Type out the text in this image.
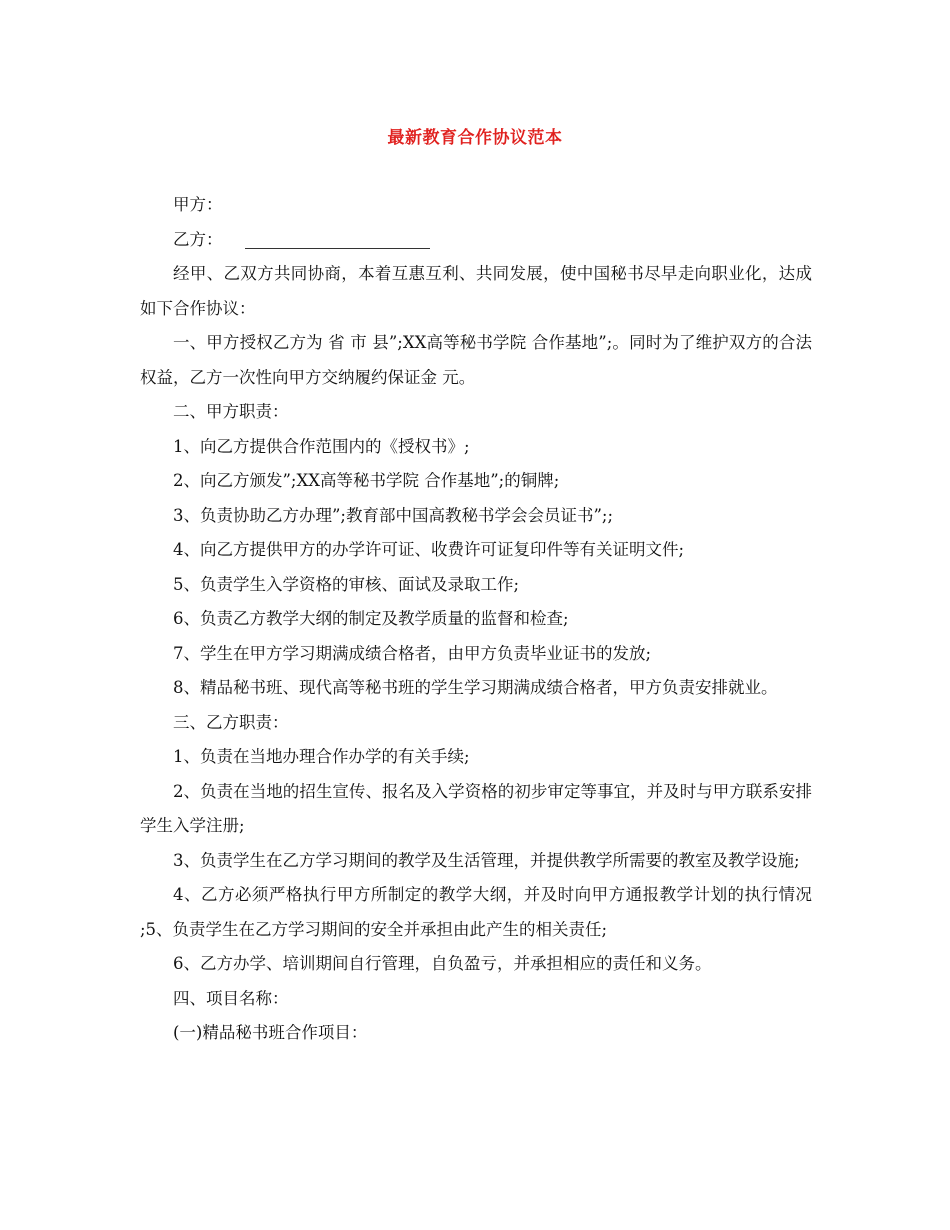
最新教育合作协议范本

甲方：

乙方：

经甲、乙双方共同协商，本着互惠互利、共同发展，使中国秘书尽早走向职业化，达成如下合作协议：

一、甲方授权乙方为 省 市 县”;XX高等秘书学院 合作基地”;。同时为了维护双方的合法权益，乙方一次性向甲方交纳履约保证金 元。

二、甲方职责：

1、向乙方提供合作范围内的《授权书》;

2、向乙方颁发”;XX高等秘书学院 合作基地”;的铜牌;

3、负责协助乙方办理”;教育部中国高教秘书学会会员证书”;;

4、向乙方提供甲方的办学许可证、收费许可证复印件等有关证明文件;

5、负责学生入学资格的审核、面试及录取工作;

6、负责乙方教学大纲的制定及教学质量的监督和检查;

7、学生在甲方学习期满成绩合格者，由甲方负责毕业证书的发放;

8、精品秘书班、现代高等秘书班的学生学习期满成绩合格者，甲方负责安排就业。

三、乙方职责：

1、负责在当地办理合作办学的有关手续;

2、负责在当地的招生宣传、报名及入学资格的初步审定等事宜，并及时与甲方联系安排学生入学注册;

3、负责学生在乙方学习期间的教学及生活管理，并提供教学所需要的教室及教学设施;

4、乙方必须严格执行甲方所制定的教学大纲，并及时向甲方通报教学计划的执行情况 ;5、负责学生在乙方学习期间的安全并承担由此产生的相关责任;

6、乙方办学、培训期间自行管理，自负盈亏，并承担相应的责任和义务。

四、项目名称：

(一)精品秘书班合作项目：
